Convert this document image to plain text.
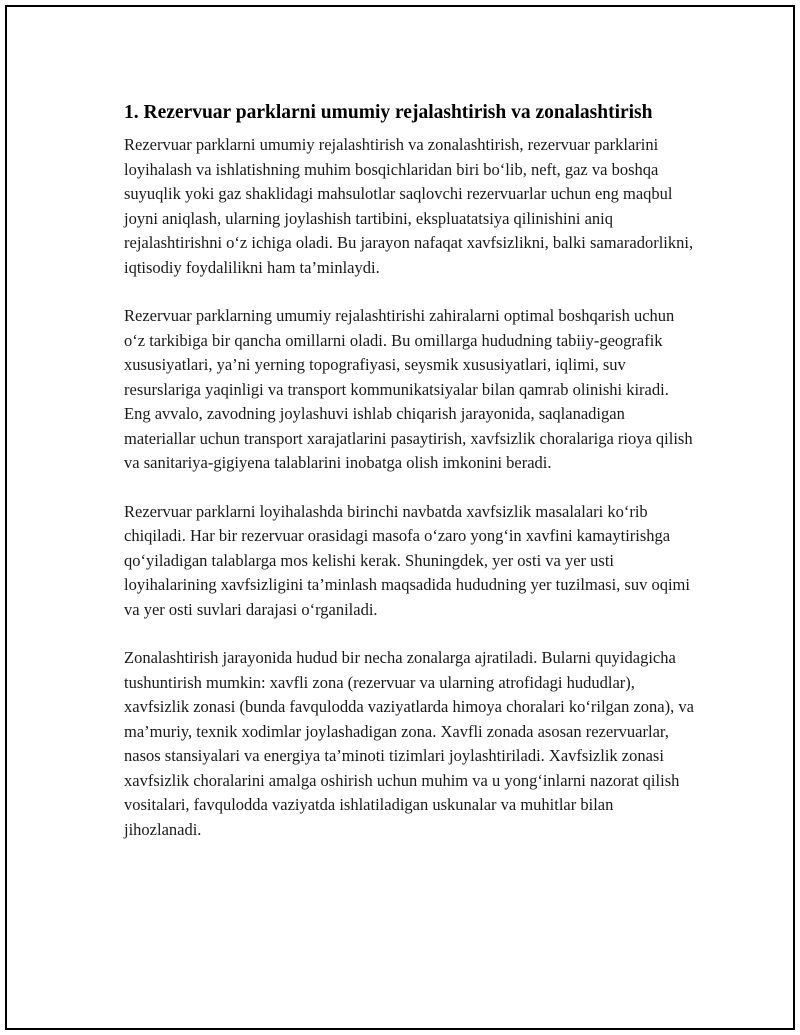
1. Rezervuar parklarni umumiy rejalashtirish va zonalashtirish

Rezervuar parklarni umumiy rejalashtirish va zonalashtirish, rezervuar parklarini loyihalash va ishlatishning muhim bosqichlaridan biri bo‘lib, neft, gaz va boshqa suyuqlik yoki gaz shaklidagi mahsulotlar saqlovchi rezervuarlar uchun eng maqbul joyni aniqlash, ularning joylashish tartibini, ekspluatatsiya qilinishini aniq rejalashtirishni o‘z ichiga oladi. Bu jarayon nafaqat xavfsizlikni, balki samaradorlikni, iqtisodiy foydalilikni ham ta’minlaydi.

Rezervuar parklarning umumiy rejalashtirishi zahiralarni optimal boshqarish uchun o‘z tarkibiga bir qancha omillarni oladi. Bu omillarga hududning tabiiy-geografik xususiyatlari, ya’ni yerning topografiyasi, seysmik xususiyatlari, iqlimi, suv resurslariga yaqinligi va transport kommunikatsiyalar bilan qamrab olinishi kiradi. Eng avvalo, zavodning joylashuvi ishlab chiqarish jarayonida, saqlanadigan materiallar uchun transport xarajatlarini pasaytirish, xavfsizlik choralariga rioya qilish va sanitariya-gigiyena talablarini inobatga olish imkonini beradi.

Rezervuar parklarni loyihalashda birinchi navbatda xavfsizlik masalalari ko‘rib chiqiladi. Har bir rezervuar orasidagi masofa o‘zaro yong‘in xavfini kamaytirishga qo‘yiladigan talablarga mos kelishi kerak. Shuningdek, yer osti va yer usti loyihalarining xavfsizligini ta’minlash maqsadida hududning yer tuzilmasi, suv oqimi va yer osti suvlari darajasi o‘rganiladi.

Zonalashtirish jarayonida hudud bir necha zonalarga ajratiladi. Bularni quyidagicha tushuntirish mumkin: xavfli zona (rezervuar va ularning atrofidagi hududlar), xavfsizlik zonasi (bunda favqulodda vaziyatlarda himoya choralari ko‘rilgan zona), va ma’muriy, texnik xodimlar joylashadigan zona. Xavfli zonada asosan rezervuarlar, nasos stansiyalari va energiya ta’minoti tizimlari joylashtiriladi. Xavfsizlik zonasi xavfsizlik choralarini amalga oshirish uchun muhim va u yong‘inlarni nazorat qilish vositalari, favqulodda vaziyatda ishlatiladigan uskunalar va muhitlar bilan jihozlanadi.
